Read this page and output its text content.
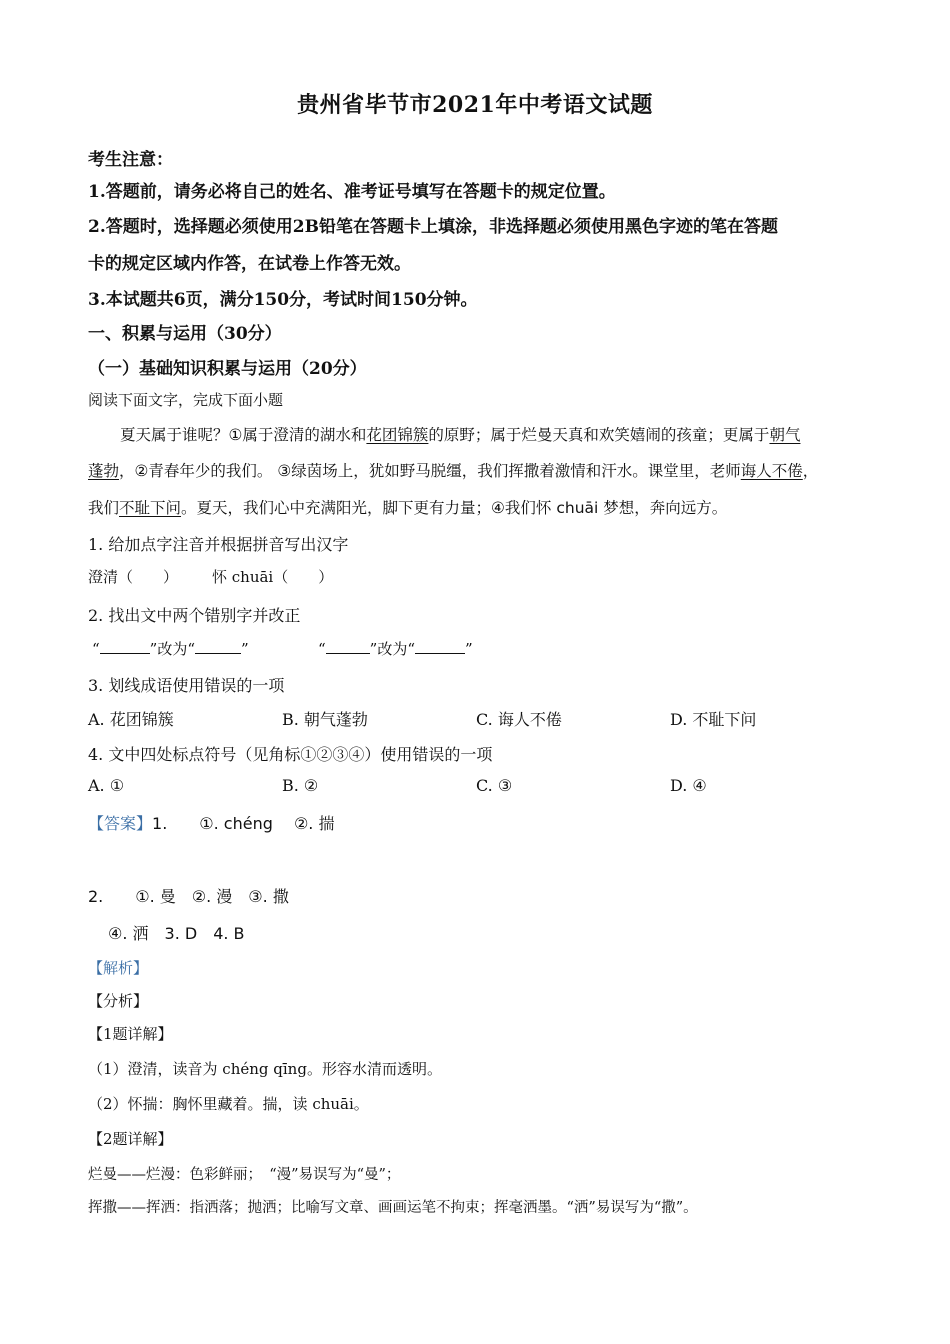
贵州省毕节市2021年中考语文试题
考生注意：
1.答题前，请务必将自己的姓名、准考证号填写在答题卡的规定位置。
2.答题时，选择题必须使用2B铅笔在答题卡上填涂，非选择题必须使用黑色字迹的笔在答题
卡的规定区域内作答，在试卷上作答无效。
3.本试题共6页，满分150分，考试时间150分钟。
一、积累与运用（30分）
（一）基础知识积累与运用（20分）
阅读下面文字，完成下面小题
夏天属于谁呢？①属于澄清的湖水和花团锦簇的原野；属于烂曼天真和欢笑嬉闹的孩童；更属于朝气
蓬勃，②青春年少的我们。 ③绿茵场上，犹如野马脱缰，我们挥撒着激情和汗水。课堂里，老师诲人不倦，
我们不耻下问。夏天，我们心中充满阳光，脚下更有力量；④我们怀 chuāi 梦想，奔向远方。
1. 给加点字注音并根据拼音写出汉字
澄清（　　） 怀 chuāi（　　）
2. 找出文中两个错别字并改正
“	”改为“	”	“	”改为“	”
3. 划线成语使用错误的一项
A. 花团锦簇	B. 朝气蓬勃	C. 诲人不倦	D. 不耻下问
4. 文中四处标点符号（见角标①②③④）使用错误的一项
A. ①	B. ②	C. ③	D. ④
【答案】1.　　①. chéng　 ②. 揣
2.　　①. 曼　②. 漫　③. 撒
④. 洒　3. D　4. B
【解析】
【分析】
【1题详解】
（1）澄清，读音为 chéng qīng。形容水清而透明。
（2）怀揣：胸怀里藏着。揣，读 chuāi。
【2题详解】
烂曼——烂漫：色彩鲜丽；　“漫”易误写为“曼”；
挥撒——挥洒：指洒落；抛洒；比喻写文章、画画运笔不拘束；挥毫洒墨。“洒”易误写为“撒”。
